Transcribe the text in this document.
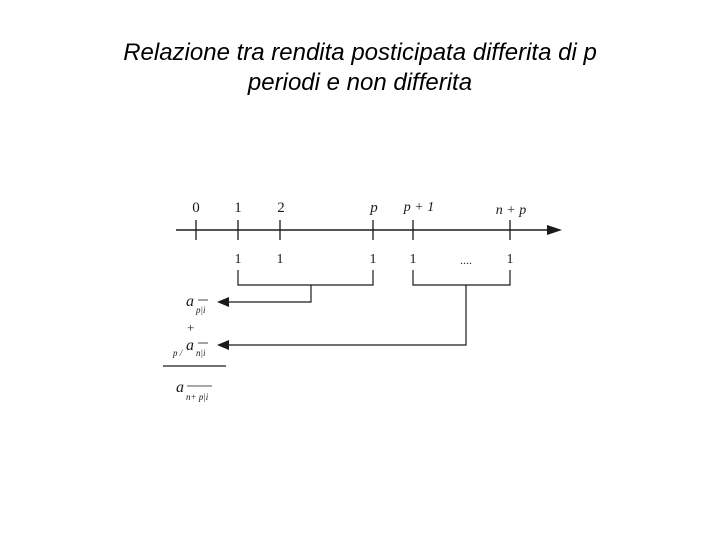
Relazione tra rendita posticipata differita di p
periodi e non differita
0 1 2	p p + 1	n + p
1	1	1 1	.... 1
a p|i
+
p / a n|i
a
n+ p|i
